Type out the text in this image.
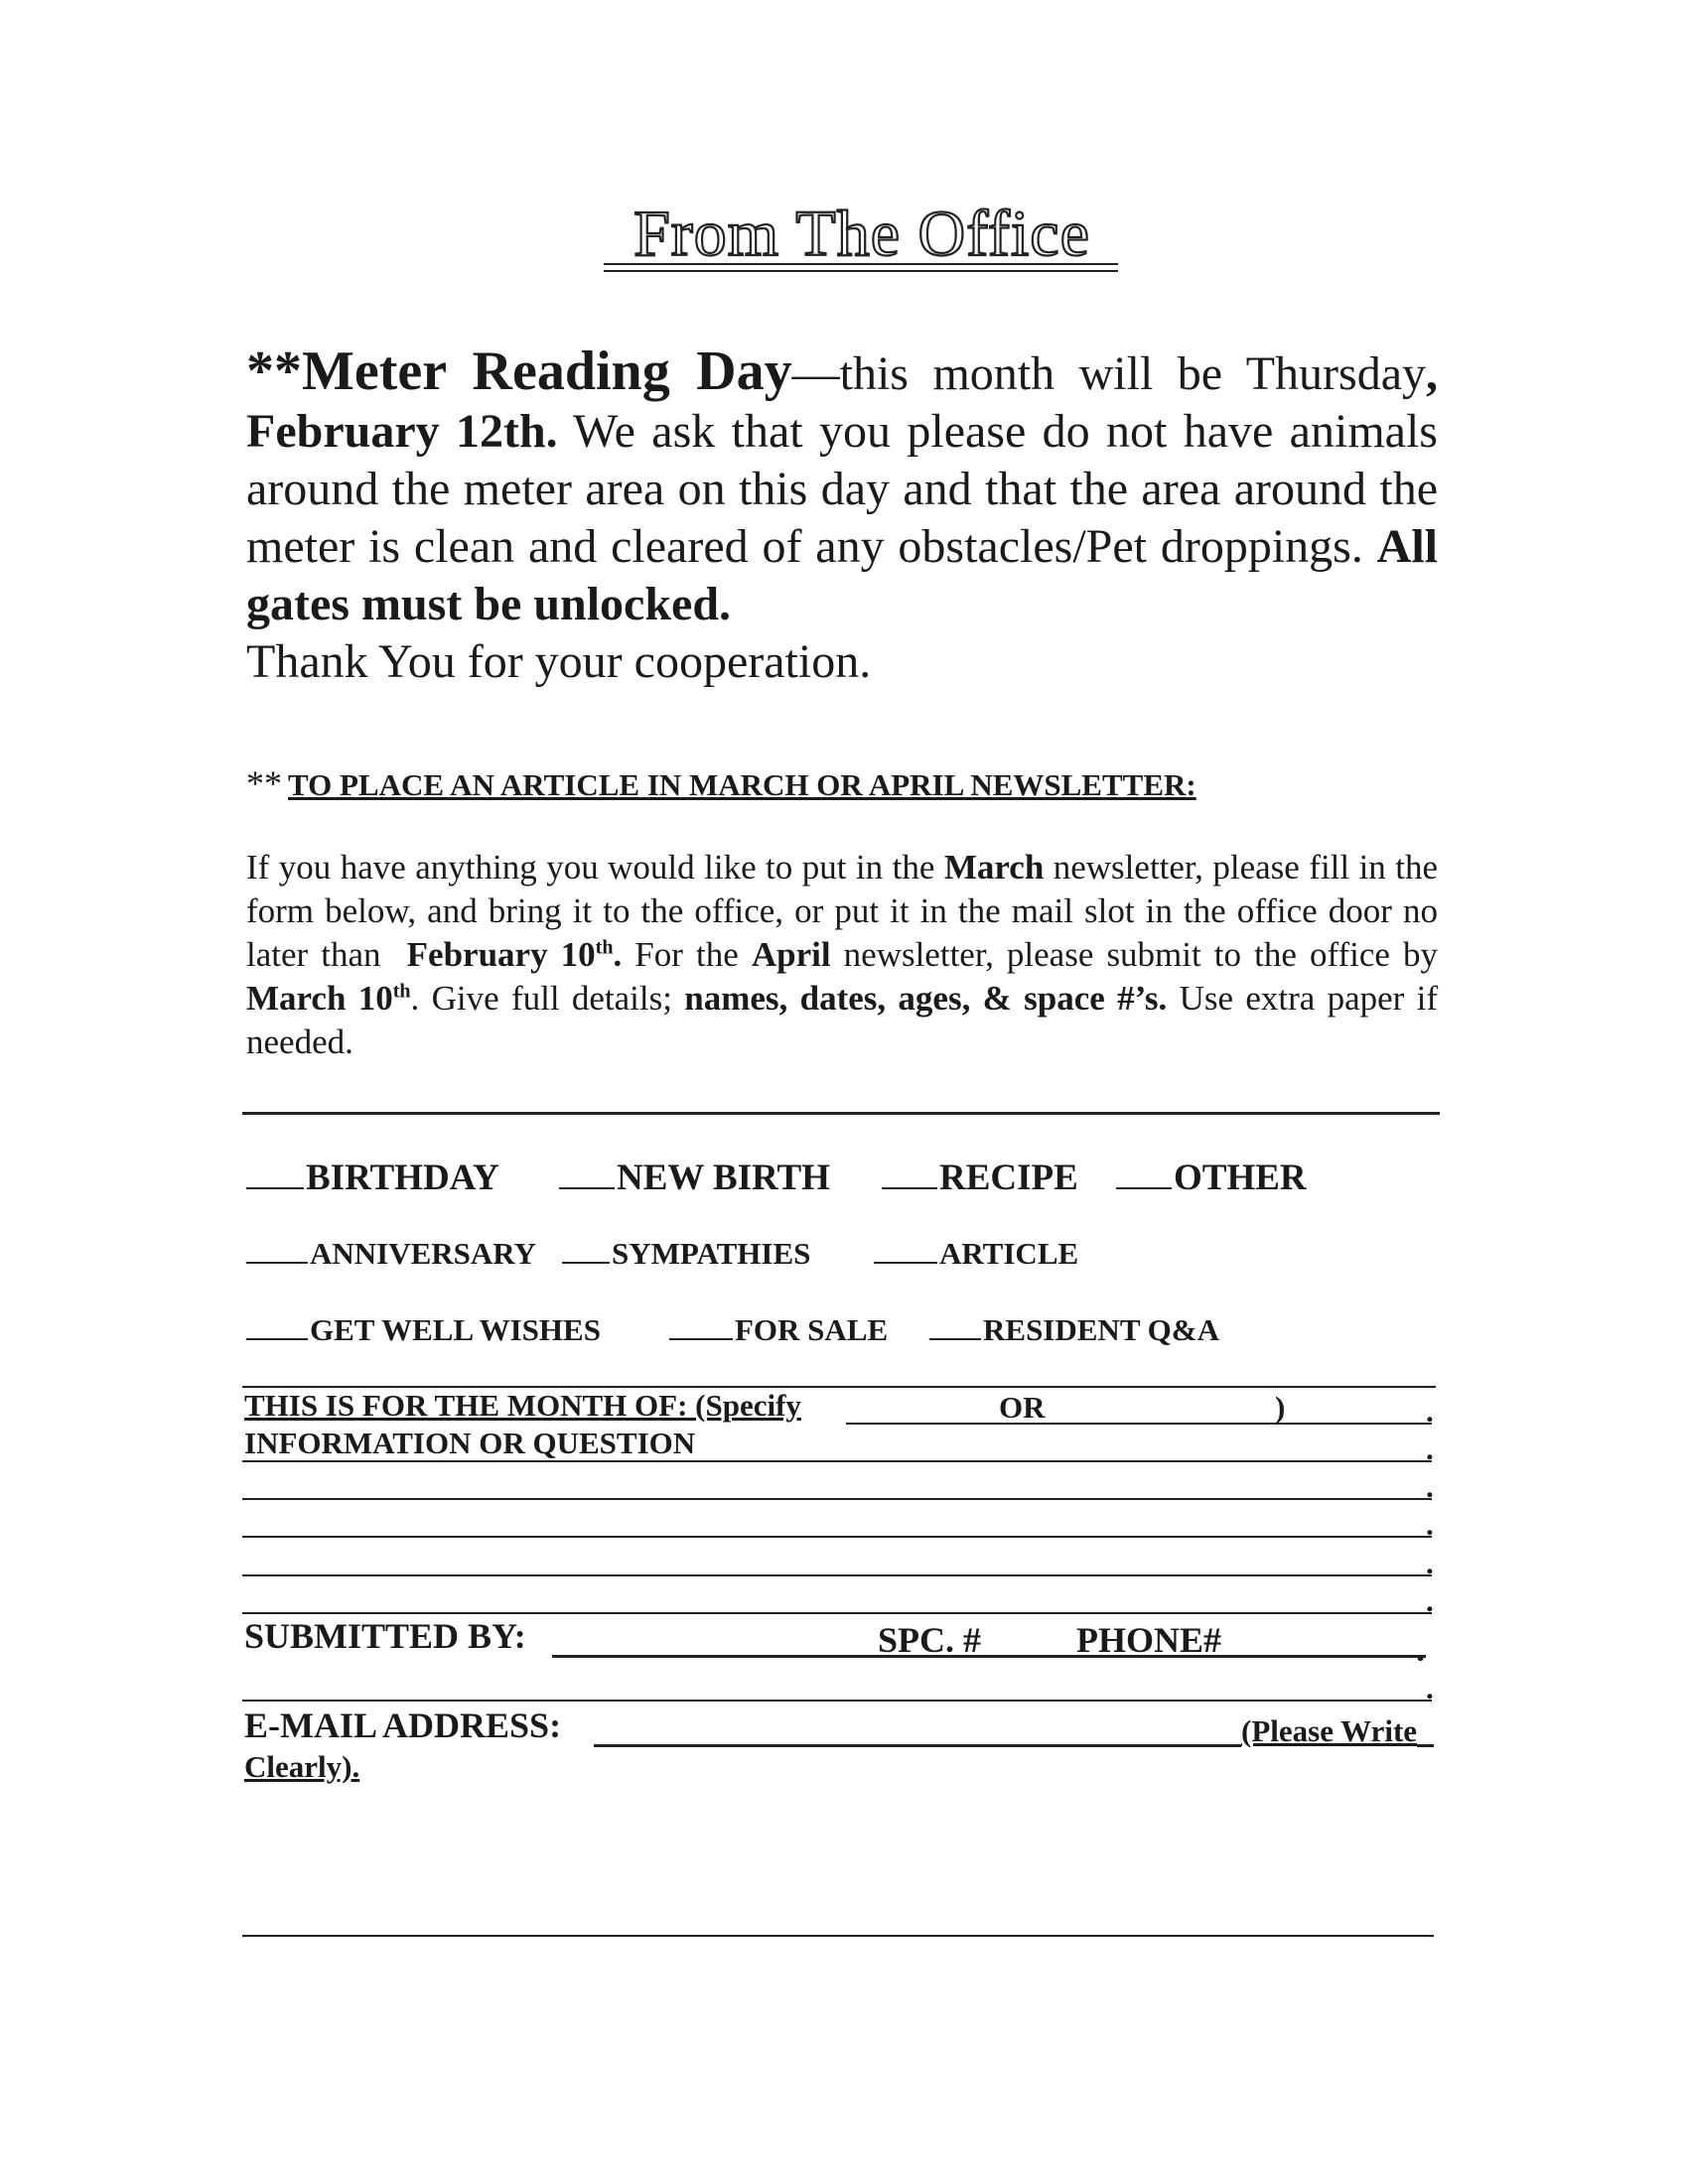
From The Office
**Meter Reading Day—this month will be Thursday, February 12th. We ask that you please do not have animals around the meter area on this day and that the area around the meter is clean and cleared of any obstacles/Pet droppings. All gates must be unlocked.
Thank You for your cooperation.
** TO PLACE AN ARTICLE IN MARCH OR APRIL NEWSLETTER:
If you have anything you would like to put in the March newsletter, please fill in the form below, and bring it to the office, or put it in the mail slot in the office door no later than February 10th. For the April newsletter, please submit to the office by March 10th. Give full details; names, dates, ages, & space #’s. Use extra paper if needed.
BIRTHDAY	NEW BIRTH	RECIPE	OTHER
ANNIVERSARY	SYMPATHIES	ARTICLE
GET WELL WISHES	FOR SALE	RESIDENT Q&A
THIS IS FOR THE MONTH OF: (Specify	OR	)	.
INFORMATION OR QUESTION	.
.
.
.
.
SUBMITTED BY:	SPC. #	PHONE#	.
.
E-MAIL ADDRESS:	(Please Write
Clearly).
